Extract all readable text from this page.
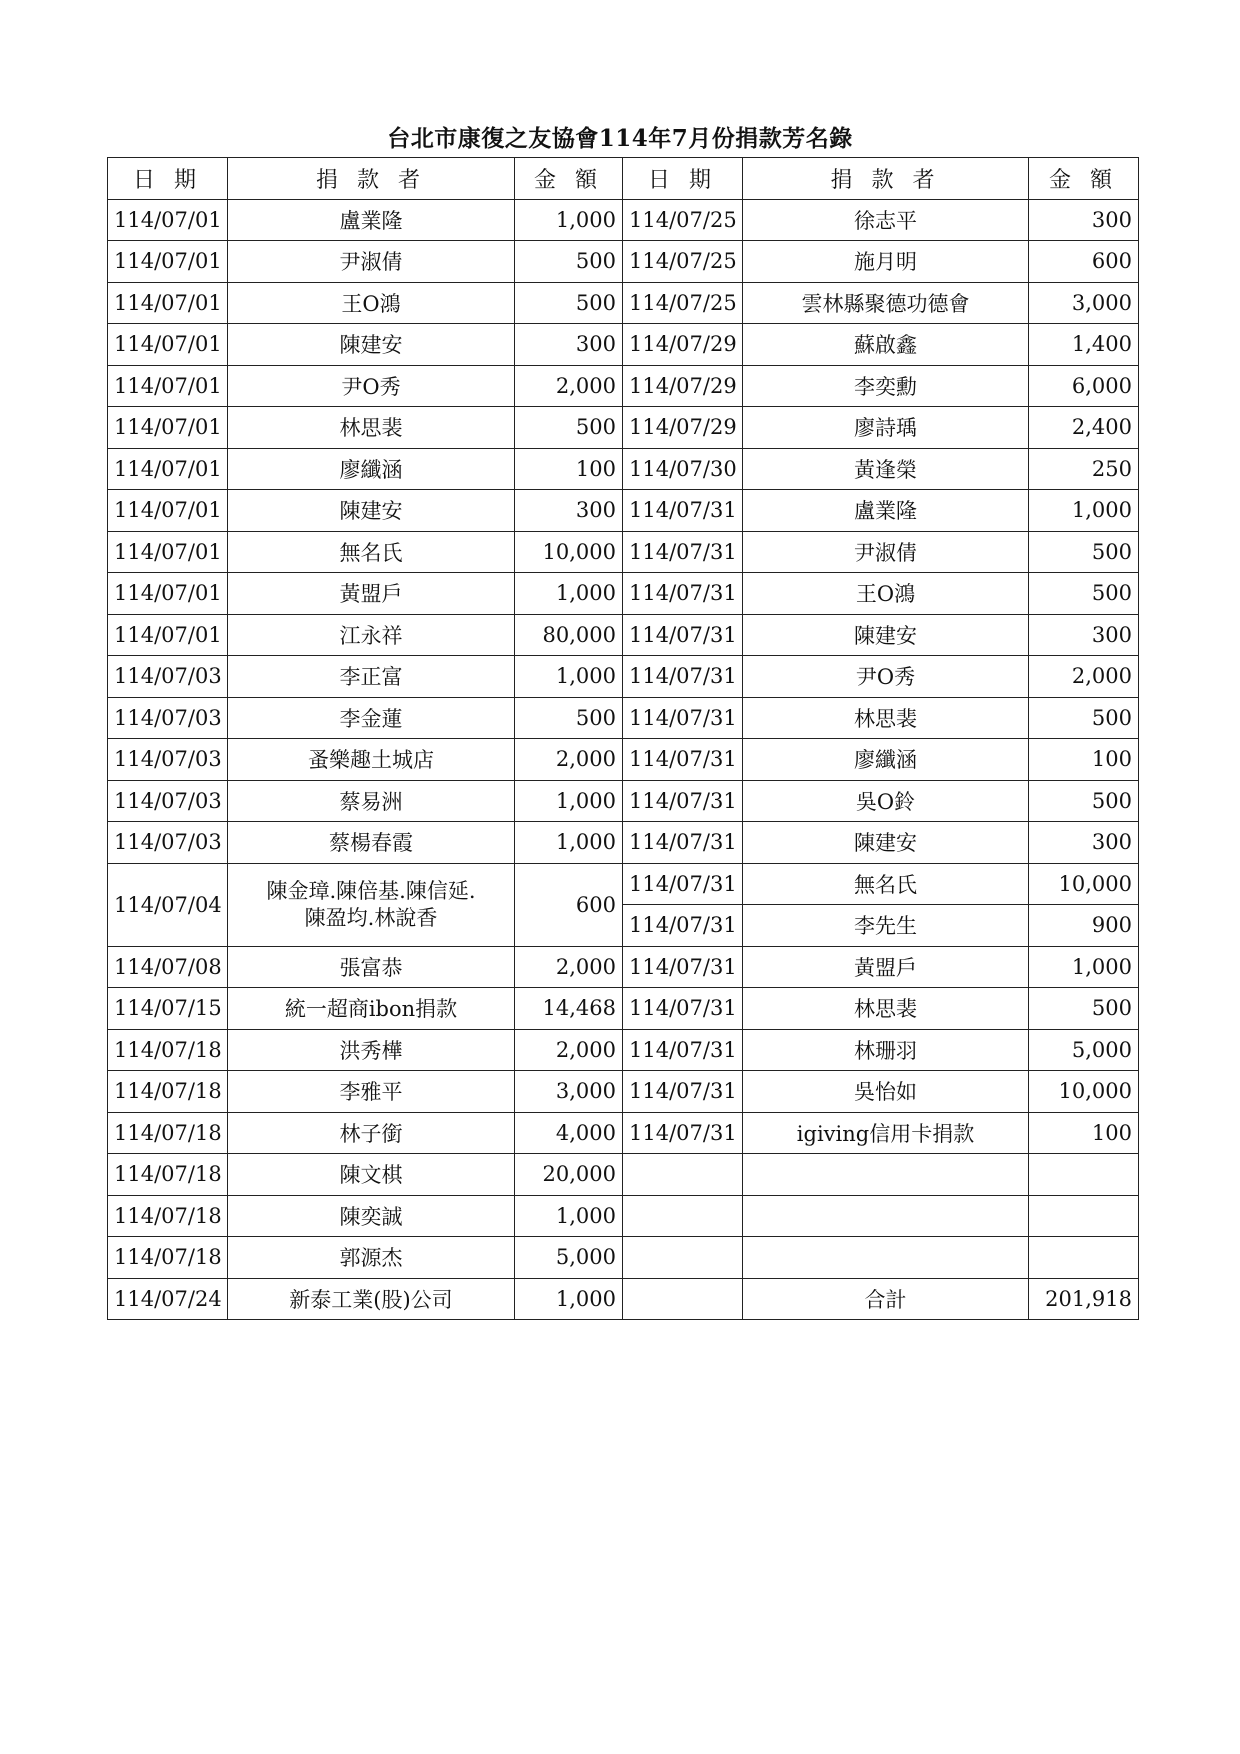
台北市康復之友協會114年7月份捐款芳名錄
日 期	捐 款 者	金 額	日 期	捐 款 者	金 額
114/07/01	盧業隆	1,000	114/07/25	徐志平	300
114/07/01	尹淑倩	500	114/07/25	施月明	600
114/07/01	王O鴻	500	114/07/25	雲林縣聚德功德會	3,000
114/07/01	陳建安	300	114/07/29	蘇啟鑫	1,400
114/07/01	尹O秀	2,000	114/07/29	李奕勳	6,000
114/07/01	林思裴	500	114/07/29	廖詩瑀	2,400
114/07/01	廖纖涵	100	114/07/30	黃逢榮	250
114/07/01	陳建安	300	114/07/31	盧業隆	1,000
114/07/01	無名氏	10,000	114/07/31	尹淑倩	500
114/07/01	黃盟戶	1,000	114/07/31	王O鴻	500
114/07/01	江永祥	80,000	114/07/31	陳建安	300
114/07/03	李正富	1,000	114/07/31	尹O秀	2,000
114/07/03	李金蓮	500	114/07/31	林思裴	500
114/07/03	蚤樂趣土城店	2,000	114/07/31	廖纖涵	100
114/07/03	蔡易洲	1,000	114/07/31	吳O鈴	500
114/07/03	蔡楊春霞	1,000	114/07/31	陳建安	300
114/07/04	陳金璋.陳倍基.陳信延.
陳盈均.林說香	600	114/07/31	無名氏	10,000
			114/07/31	李先生	900
114/07/08	張富恭	2,000	114/07/31	黃盟戶	1,000
114/07/15	統一超商ibon捐款	14,468	114/07/31	林思裴	500
114/07/18	洪秀樺	2,000	114/07/31	林珊羽	5,000
114/07/18	李雅平	3,000	114/07/31	吳怡如	10,000
114/07/18	林子銜	4,000	114/07/31	igiving信用卡捐款	100
114/07/18	陳文棋	20,000			
114/07/18	陳奕誠	1,000			
114/07/18	郭源杰	5,000			
114/07/24	新泰工業(股)公司	1,000		合計	201,918
